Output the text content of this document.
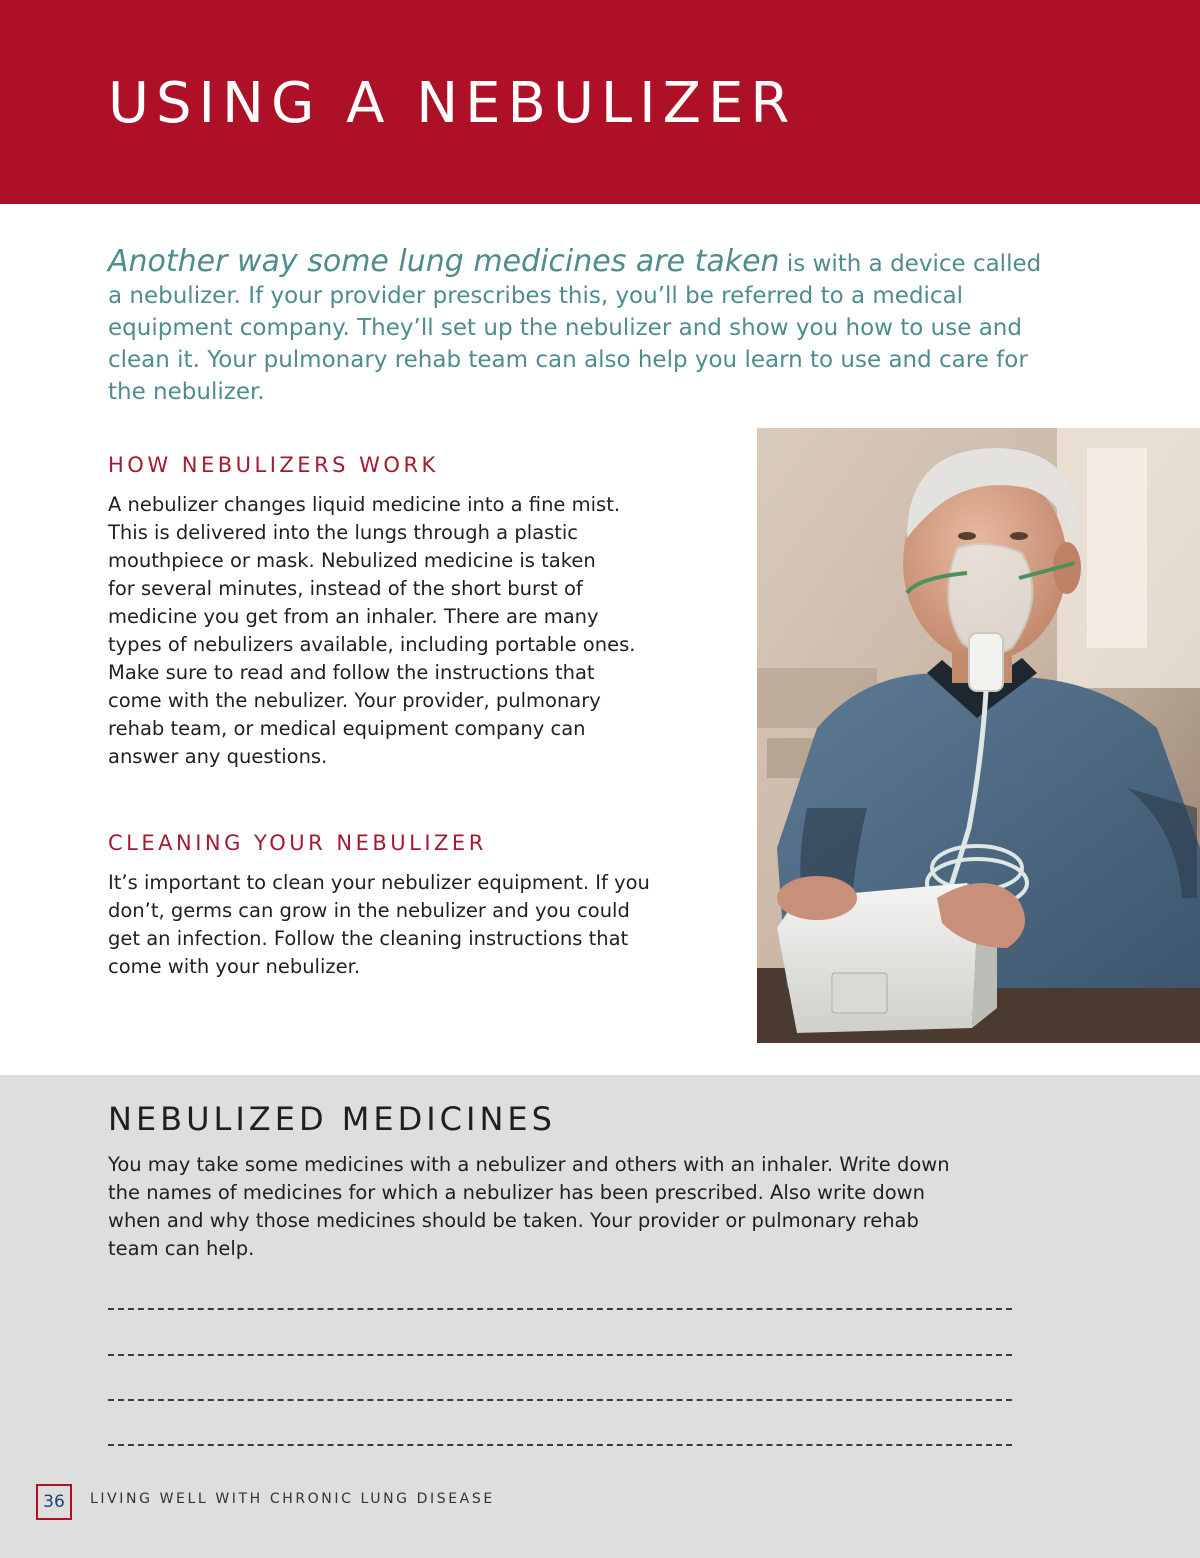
USING A NEBULIZER

Another way some lung medicines are taken is with a device called a nebulizer. If your provider prescribes this, you’ll be referred to a medical equipment company. They’ll set up the nebulizer and show you how to use and clean it. Your pulmonary rehab team can also help you learn to use and care for the nebulizer.

HOW NEBULIZERS WORK

A nebulizer changes liquid medicine into a fine mist.
This is delivered into the lungs through a plastic
mouthpiece or mask. Nebulized medicine is taken
for several minutes, instead of the short burst of
medicine you get from an inhaler. There are many
types of nebulizers available, including portable ones.
Make sure to read and follow the instructions that
come with the nebulizer. Your provider, pulmonary
rehab team, or medical equipment company can
answer any questions.

CLEANING YOUR NEBULIZER

It’s important to clean your nebulizer equipment. If you
don’t, germs can grow in the nebulizer and you could
get an infection. Follow the cleaning instructions that
come with your nebulizer.

NEBULIZED MEDICINES

You may take some medicines with a nebulizer and others with an inhaler. Write down
the names of medicines for which a nebulizer has been prescribed. Also write down
when and why those medicines should be taken. Your provider or pulmonary rehab
team can help.

36	LIVING WELL WITH CHRONIC LUNG DISEASE
